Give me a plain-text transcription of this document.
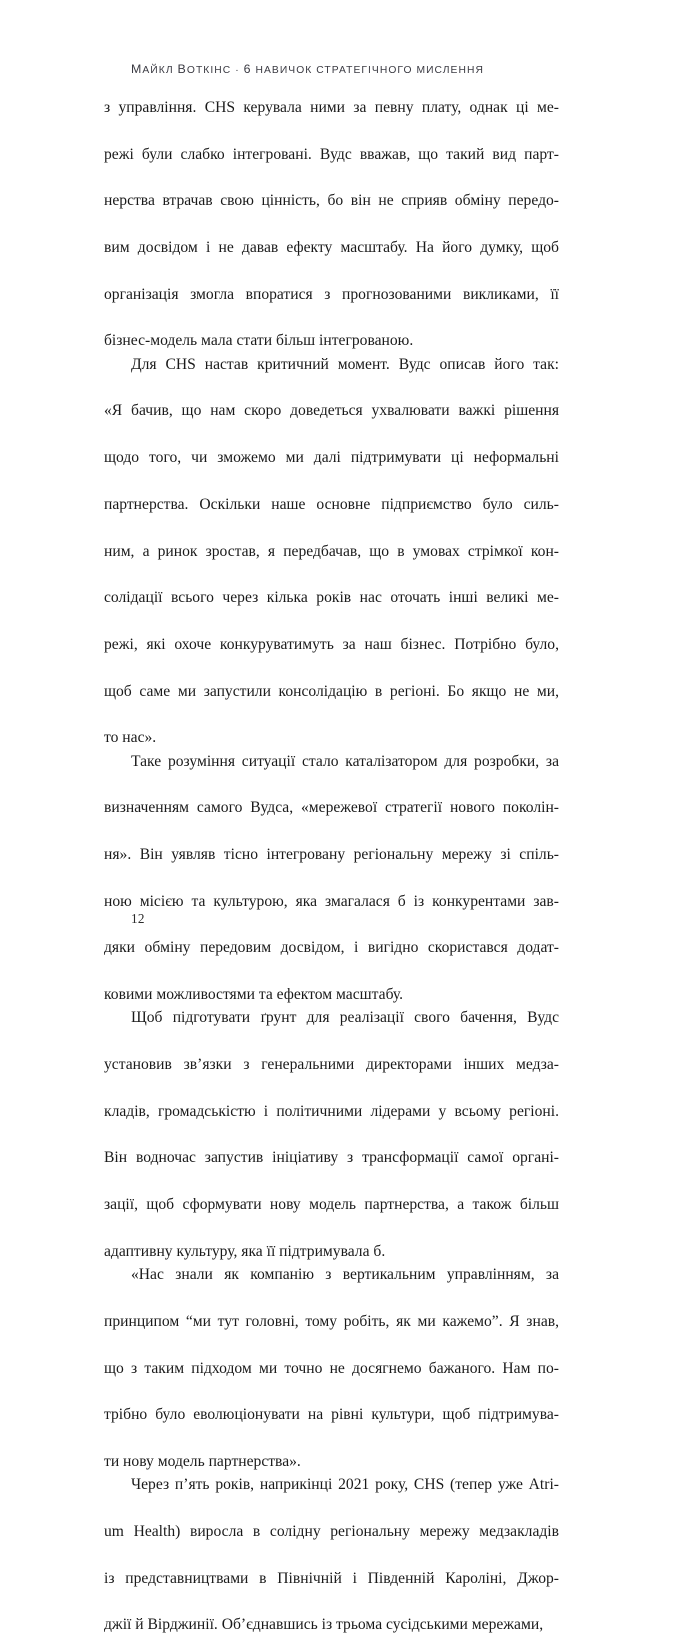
МАЙКЛ ВОТКІНС · 6 НАВИЧОК СТРАТЕГІЧНОГО МИСЛЕННЯ

з управління. CHS керувала ними за певну плату, однак ці ме-
режі були слабко інтегровані. Вудс вважав, що такий вид парт-
нерства втрачав свою цінність, бо він не сприяв обміну передо-
вим досвідом і не давав ефекту масштабу. На його думку, щоб
організація змогла впоратися з прогнозованими викликами, її
бізнес-модель мала стати більш інтегрованою.

Для CHS настав критичний момент. Вудс описав його так:
«Я бачив, що нам скоро доведеться ухвалювати важкі рішення
щодо того, чи зможемо ми далі підтримувати ці неформальні
партнерства. Оскільки наше основне підприємство було силь-
ним, а ринок зростав, я передбачав, що в умовах стрімкої кон-
солідації всього через кілька років нас оточать інші великі ме-
режі, які охоче конкуруватимуть за наш бізнес. Потрібно було,
щоб саме ми запустили консолідацію в регіоні. Бо якщо не ми,
то нас».

Таке розуміння ситуації стало каталізатором для розробки, за
визначенням самого Вудса, «мережевої стратегії нового поколін-
ня». Він уявляв тісно інтегровану регіональну мережу зі спіль-
ною місією та культурою, яка змагалася б із конкурентами зав-
дяки обміну передовим досвідом, і вигідно скористався додат-
ковими можливостями та ефектом масштабу.

Щоб підготувати ґрунт для реалізації свого бачення, Вудс
установив зв’язки з генеральними директорами інших медза-
кладів, громадськістю і політичними лідерами у всьому регіоні.
Він водночас запустив ініціативу з трансформації самої органі-
зації, щоб сформувати нову модель партнерства, а також більш
адаптивну культуру, яка її підтримувала б.

«Нас знали як компанію з вертикальним управлінням, за
принципом “ми тут головні, тому робіть, як ми кажемо”. Я знав,
що з таким підходом ми точно не досягнемо бажаного. Нам по-
трібно було еволюціонувати на рівні культури, щоб підтримува-
ти нову модель партнерства».

Через п’ять років, наприкінці 2021 року, CHS (тепер уже Atri-
um Health) виросла в солідну регіональну мережу медзакладів
із представництвами в Північній і Південній Кароліні, Джор-
джії й Вірджинії. Об’єднавшись із трьома сусідськими мережами,

12
